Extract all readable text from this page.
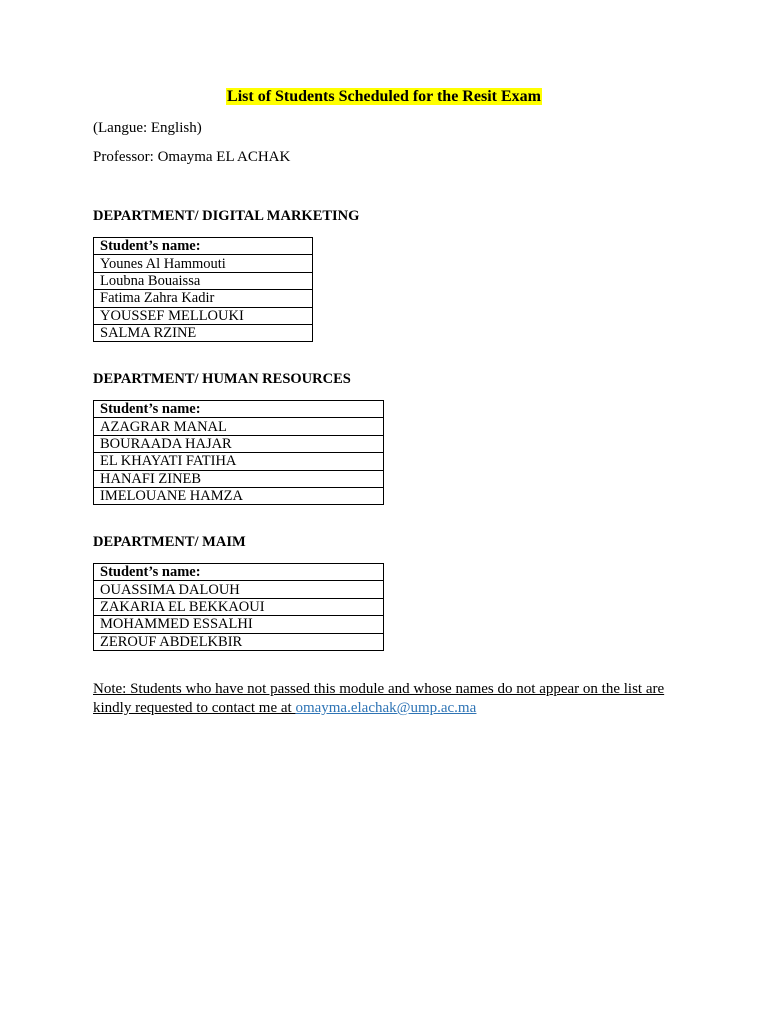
List of Students Scheduled for the Resit Exam
(Langue: English)
Professor: Omayma EL ACHAK
DEPARTMENT/ DIGITAL MARKETING
Student’s name:
Younes Al Hammouti
Loubna Bouaissa
Fatima Zahra Kadir
YOUSSEF MELLOUKI
SALMA RZINE
DEPARTMENT/ HUMAN RESOURCES
Student’s name:
AZAGRAR MANAL
BOURAADA HAJAR
EL KHAYATI FATIHA
HANAFI ZINEB
IMELOUANE HAMZA
DEPARTMENT/ MAIM
Student’s name:
OUASSIMA DALOUH
ZAKARIA EL BEKKAOUI
MOHAMMED ESSALHI
ZEROUF ABDELKBIR
Note: Students who have not passed this module and whose names do not appear on the list are kindly requested to contact me at omayma.elachak@ump.ac.ma
